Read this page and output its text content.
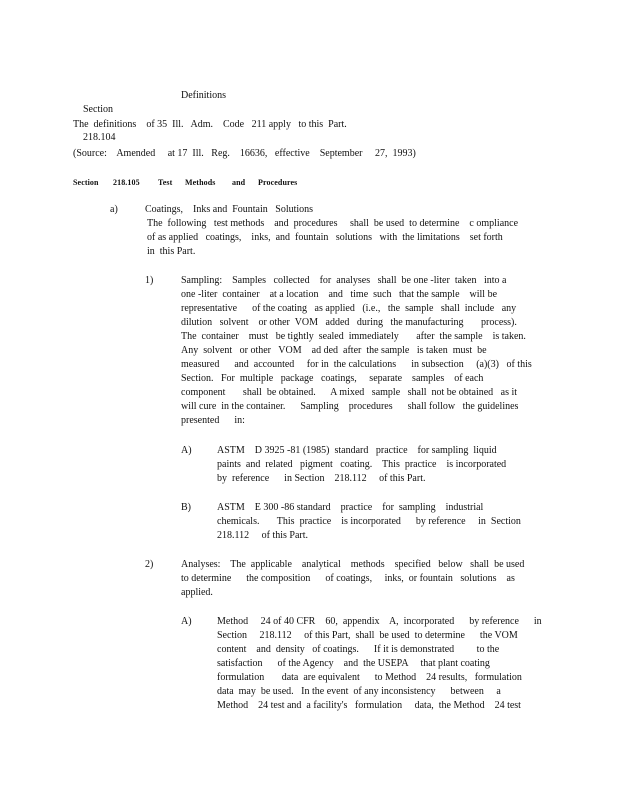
Section

218.104

Definitions
The  definitions    of 35  Ill.   Adm.    Code   211 apply   to this  Part.
(Source:    Amended     at 17  Ill.   Reg.    16636,   effective    September     27,  1993)
Section 218.105 Test Methods and Procedures
a)	Coatings,    Inks and  Fountain   Solutions

The  following   test methods    and  procedures     shall  be used  to determine    c ompliance

of as applied   coatings,    inks,  and  fountain   solutions   with  the limitations    set forth

in  this Part.

1)	Sampling:    Samples   collected    for  analyses   shall  be one -liter  taken   into a

one -liter  container    at a location    and   time  such   that the sample    will be

representative      of the coating   as applied   (i.e.,   the  sample   shall  include   any

dilution   solvent    or other  VOM   added   during   the manufacturing       process).

The  container    must   be tightly  sealed  immediately       after  the sample    is taken.

Any  solvent   or other   VOM    ad ded  after  the sample   is taken  must  be

measured      and  accounted     for in  the calculations      in subsection     (a)(3)   of this

Section.   For  multiple   package   coatings,     separate    samples    of each

component       shall  be obtained.      A mixed   sample   shall  not be obtained   as it

will cure  in the container.      Sampling    procedures      shall follow   the guidelines

presented      in:

A)	ASTM    D 3925 -81 (1985)  standard   practice    for sampling  liquid

paints  and  related   pigment   coating.    This  practice    is incorporated

by  reference      in Section    218.112     of this Part.

B)	ASTM    E 300 -86 standard    practice    for  sampling    industrial

chemicals.       This  practice    is incorporated      by reference     in  Section

218.112     of this Part.

2)	Analyses:    The  applicable    analytical    methods    specified   below   shall  be used

to determine      the composition      of coatings,     inks,  or fountain   solutions    as

applied.

A)	Method     24 of 40 CFR    60,  appendix    A,  incorporated      by reference      in

Section     218.112     of this Part,  shall  be used  to determine      the VOM

content    and  density   of coatings.      If it is demonstrated         to the

satisfaction      of the Agency    and  the USEPA     that plant coating

formulation       data  are equivalent      to Method    24 results,   formulation

data  may  be used.   In the event  of any inconsistency      between     a

Method    24 test and  a facility's   formulation     data,  the Method    24 test
